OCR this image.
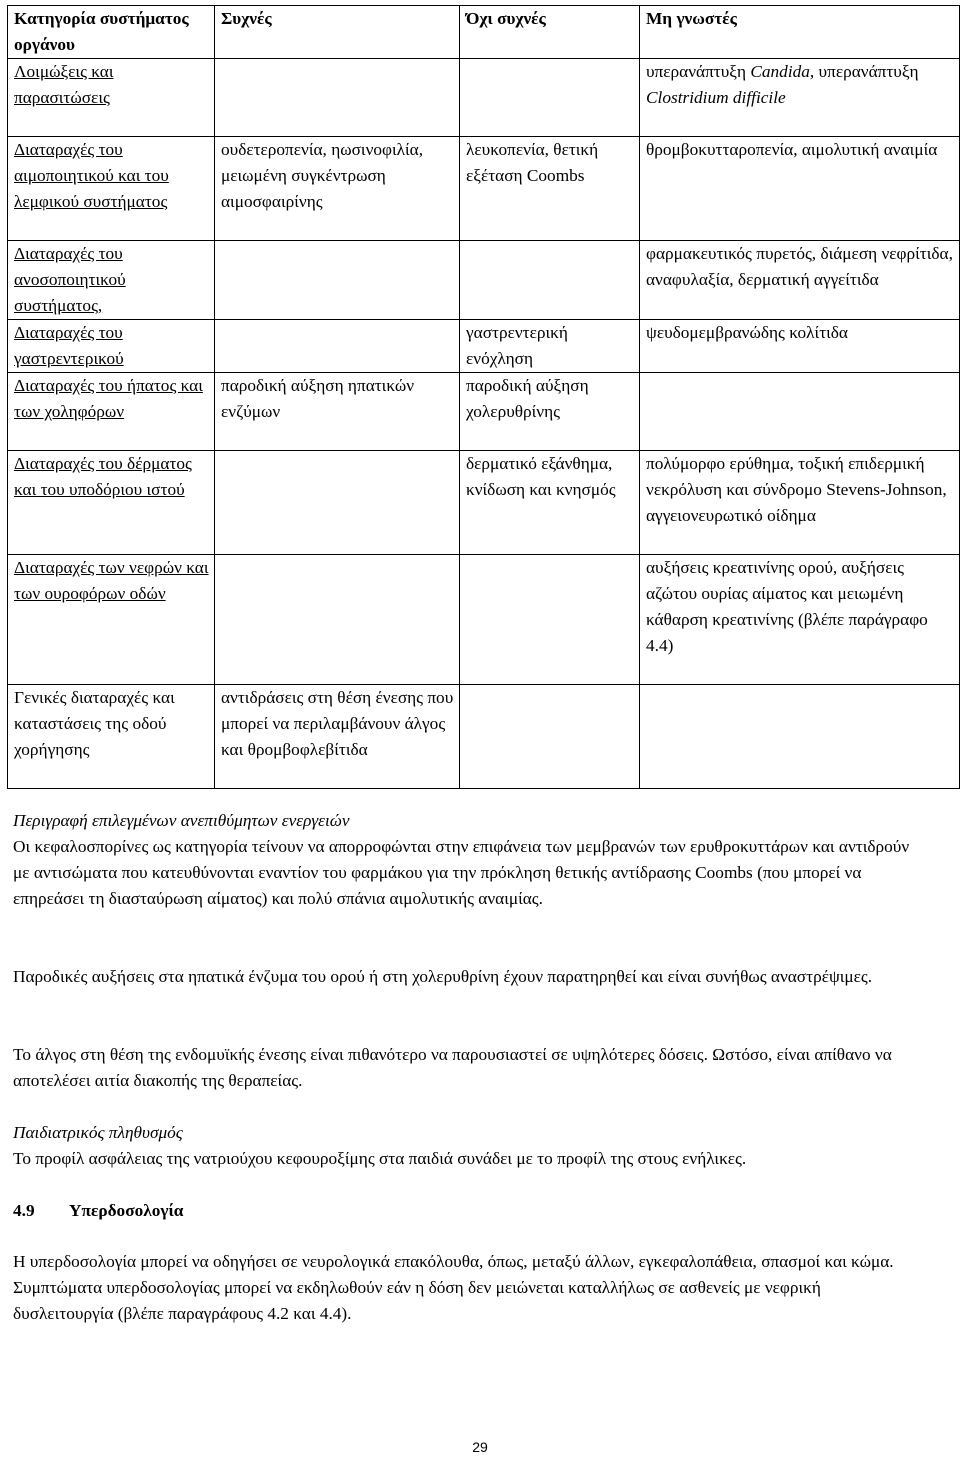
Κατηγορία συστήματος οργάνου	Συχνές	Όχι συχνές	Μη γνωστές
Λοιμώξεις και παρασιτώσεις			υπερανάπτυξη Candida, υπερανάπτυξη Clostridium difficile
Διαταραχές του αιμοποιητικού και του λεμφικού συστήματος	ουδετεροπενία, ηωσινοφιλία, μειωμένη συγκέντρωση αιμοσφαιρίνης	λευκοπενία, θετική εξέταση Coombs	θρομβοκυτταροπενία, αιμολυτική αναιμία
Διαταραχές του ανοσοποιητικού συστήματος,			φαρμακευτικός πυρετός, διάμεση νεφρίτιδα, αναφυλαξία, δερματική αγγείτιδα
Διαταραχές του γαστρεντερικού		γαστρεντερική ενόχληση	ψευδομεμβρανώδης κολίτιδα
Διαταραχές του ήπατος και των χοληφόρων	παροδική αύξηση ηπατικών ενζύμων	παροδική αύξηση χολερυθρίνης	
Διαταραχές του δέρματος και του υποδόριου ιστού		δερματικό εξάνθημα, κνίδωση και κνησμός	πολύμορφο ερύθημα, τοξική επιδερμική νεκρόλυση και σύνδρομο Stevens-Johnson, αγγειονευρωτικό οίδημα
Διαταραχές των νεφρών και των ουροφόρων οδών			αυξήσεις κρεατινίνης ορού, αυξήσεις αζώτου ουρίας αίματος και μειωμένη κάθαρση κρεατινίνης (βλέπε παράγραφο 4.4)
Γενικές διαταραχές και καταστάσεις της οδού χορήγησης	αντιδράσεις στη θέση ένεσης που μπορεί να περιλαμβάνουν άλγος και θρομβοφλεβίτιδα		
Περιγραφή επιλεγμένων ανεπιθύμητων ενεργειών

Οι κεφαλοσπορίνες ως κατηγορία τείνουν να απορροφώνται στην επιφάνεια των μεμβρανών των ερυθροκυττάρων και αντιδρούν με αντισώματα που κατευθύνονται εναντίον του φαρμάκου για την πρόκληση θετικής αντίδρασης Coombs (που μπορεί να επηρεάσει τη διασταύρωση αίματος) και πολύ σπάνια αιμολυτικής αναιμίας.

Παροδικές αυξήσεις στα ηπατικά ένζυμα του ορού ή στη χολερυθρίνη έχουν παρατηρηθεί και είναι συνήθως αναστρέψιμες.

Το άλγος στη θέση της ενδομυϊκής ένεσης είναι πιθανότερο να παρουσιαστεί σε υψηλότερες δόσεις. Ωστόσο, είναι απίθανο να αποτελέσει αιτία διακοπής της θεραπείας.

Παιδιατρικός πληθυσμός

Το προφίλ ασφάλειας της νατριούχου κεφουροξίμης στα παιδιά συνάδει με το προφίλ της στους ενήλικες.

4.9 Υπερδοσολογία

Η υπερδοσολογία μπορεί να οδηγήσει σε νευρολογικά επακόλουθα, όπως, μεταξύ άλλων, εγκεφαλοπάθεια, σπασμοί και κώμα. Συμπτώματα υπερδοσολογίας μπορεί να εκδηλωθούν εάν η δόση δεν μειώνεται καταλλήλως σε ασθενείς με νεφρική δυσλειτουργία (βλέπε παραγράφους 4.2 και 4.4).

29
